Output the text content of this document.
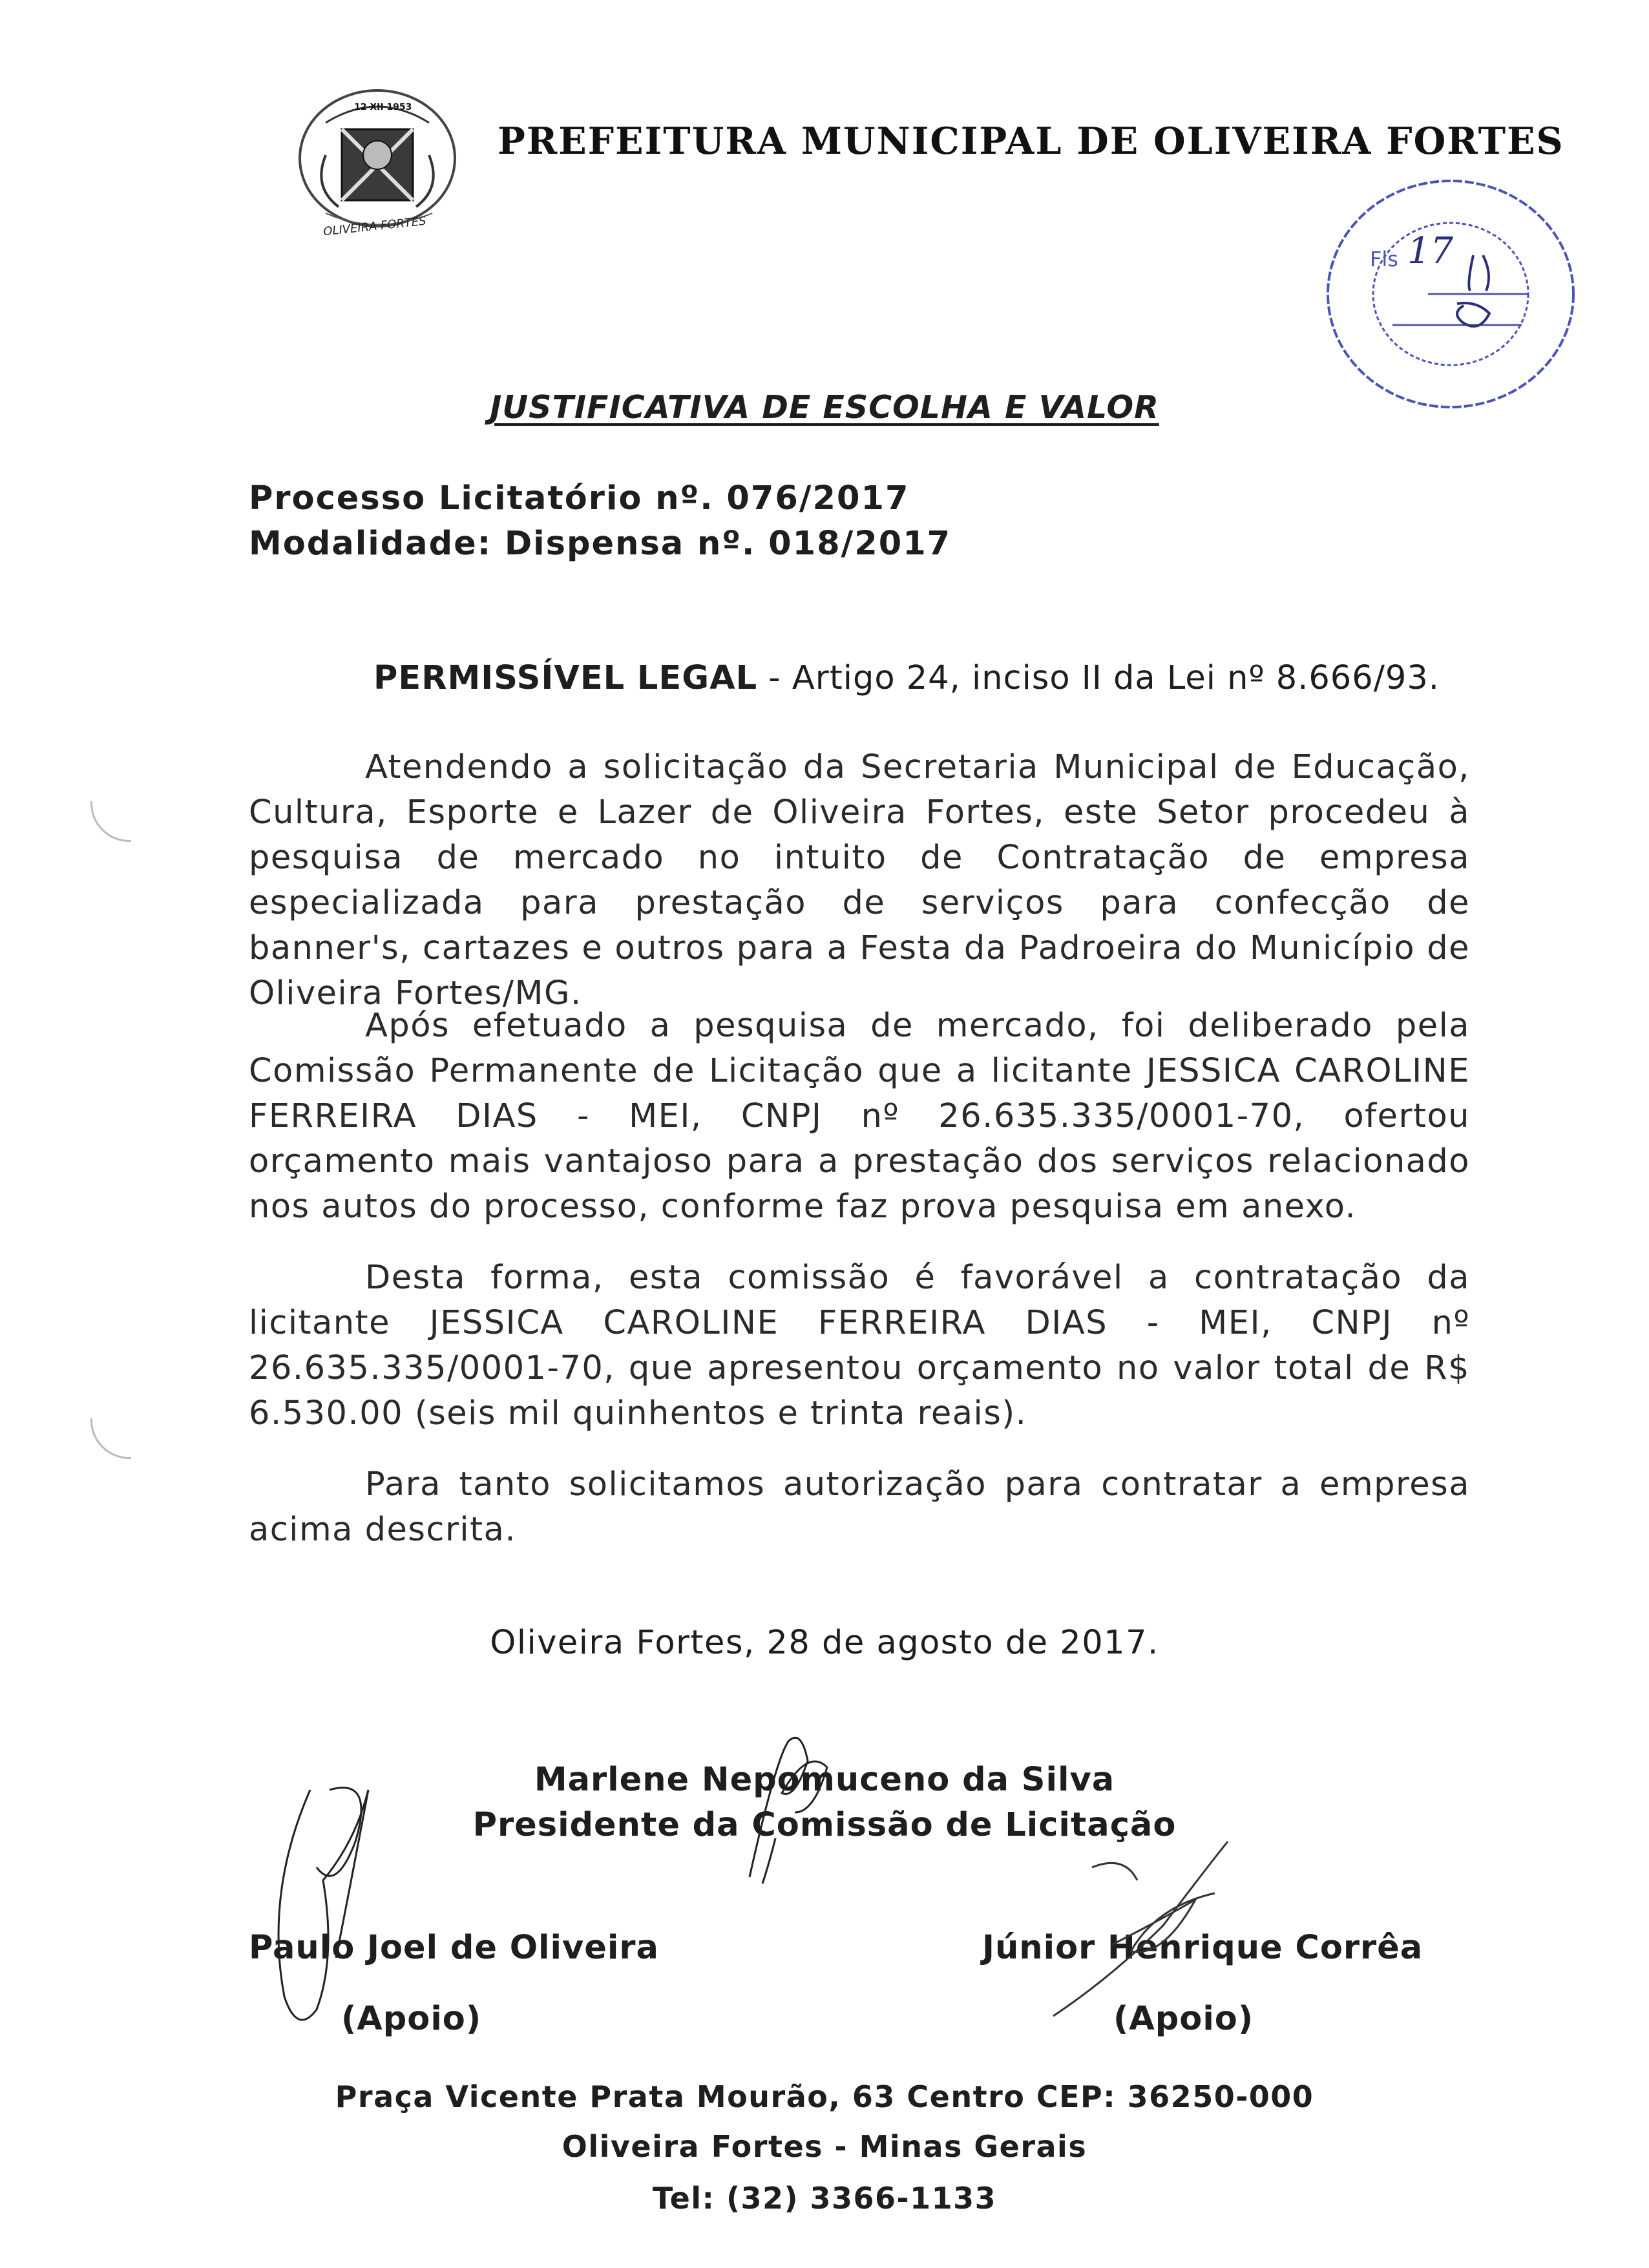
12 XII 1953
OLIVEIRA FORTES
PREFEITURA MUNICIPAL DE OLIVEIRA FORTES
Fls 17
JUSTIFICATIVA DE ESCOLHA E VALOR
Processo Licitatório nº. 076/2017
Modalidade: Dispensa nº. 018/2017
PERMISSÍVEL LEGAL - Artigo 24, inciso II da Lei nº 8.666/93.
Atendendo a solicitação da Secretaria Municipal de Educação, Cultura, Esporte e Lazer de Oliveira Fortes, este Setor procedeu à pesquisa de mercado no intuito de Contratação de empresa especializada para prestação de serviços para confecção de banner's, cartazes e outros para a Festa da Padroeira do Município de Oliveira Fortes/MG.
Após efetuado a pesquisa de mercado, foi deliberado pela Comissão Permanente de Licitação que a licitante JESSICA CAROLINE FERREIRA DIAS - MEI, CNPJ nº 26.635.335/0001-70, ofertou orçamento mais vantajoso para a prestação dos serviços relacionado nos autos do processo, conforme faz prova pesquisa em anexo.
Desta forma, esta comissão é favorável a contratação da licitante JESSICA CAROLINE FERREIRA DIAS - MEI, CNPJ nº 26.635.335/0001-70, que apresentou orçamento no valor total de R$ 6.530.00 (seis mil quinhentos e trinta reais).
Para tanto solicitamos autorização para contratar a empresa acima descrita.
Oliveira Fortes, 28 de agosto de 2017.
Marlene Nepomuceno da Silva
Presidente da Comissão de Licitação
Paulo Joel de Oliveira
(Apoio)
Júnior Henrique Corrêa
(Apoio)
Praça Vicente Prata Mourão, 63 Centro CEP: 36250-000
Oliveira Fortes - Minas Gerais
Tel: (32) 3366-1133
